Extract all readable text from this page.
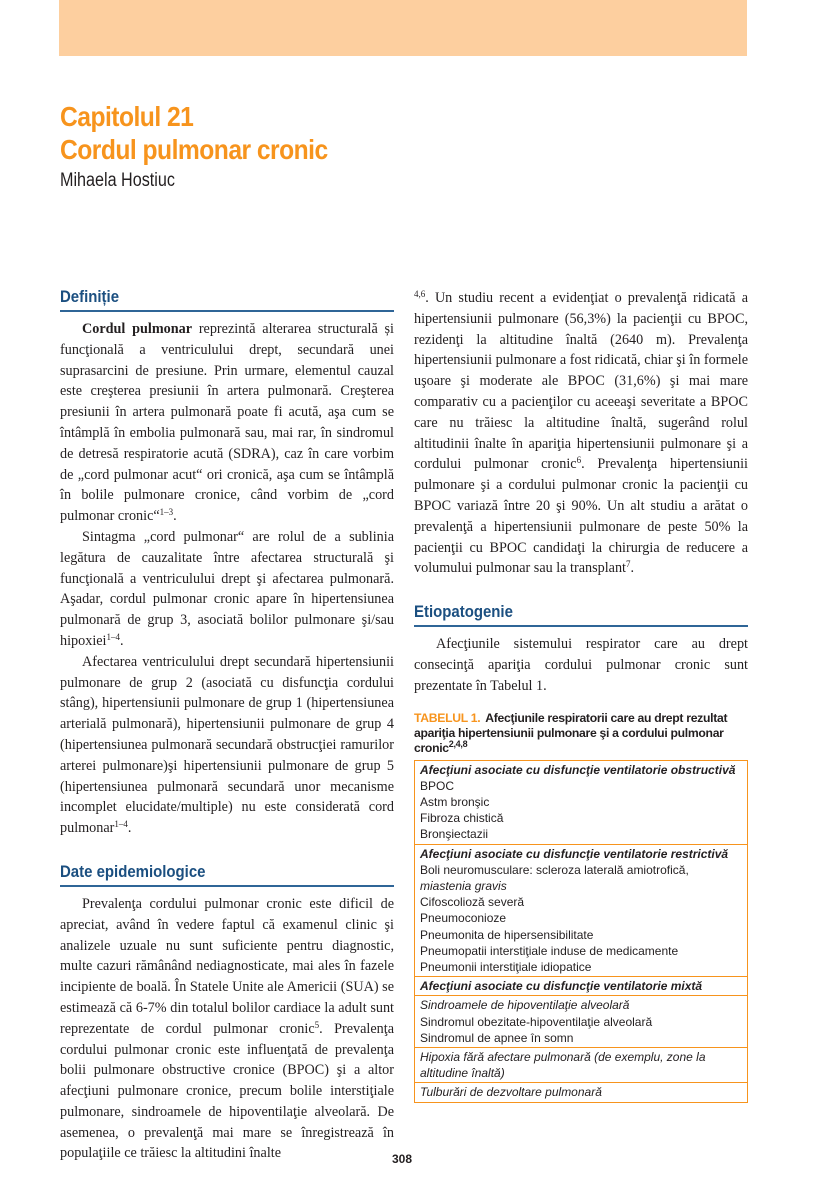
Capitolul 21
Cordul pulmonar cronic
Mihaela Hostiuc
Definiție

Cordul pulmonar reprezintă alterarea structurală și funcţională a ventriculului drept, secundară unei suprasarcini de presiune. Prin urmare, elementul cauzal este creşterea presiunii în artera pulmonară. Creşterea presiunii în artera pulmonară poate fi acută, aşa cum se întâmplă în embolia pulmonară sau, mai rar, în sindromul de detresă respiratorie acută (SDRA), caz în care vorbim de „cord pulmonar acut“ ori cronică, aşa cum se întâmplă în bolile pulmonare cronice, când vorbim de „cord pulmonar cronic“$^{1-3}$.

Sintagma „cord pulmonar“ are rolul de a sublinia legătura de cauzalitate între afectarea structurală şi funcţională a ventriculului drept şi afectarea pulmonară. Aşadar, cordul pulmonar cronic apare în hipertensiunea pulmonară de grup 3, asociată bolilor pulmonare şi/sau hipoxiei$^{1-4}$.

Afectarea ventriculului drept secundară hipertensiunii pulmonare de grup 2 (asociată cu disfuncţia cordului stâng), hipertensiunii pulmonare de grup 1 (hipertensiunea arterială pulmonară), hipertensiunii pulmonare de grup 4 (hipertensiunea pulmonară secundară obstrucţiei ramurilor arterei pulmonare)şi hipertensiunii pulmonare de grup 5 (hipertensiunea pulmonară secundară unor mecanisme incomplet elucidate/multiple) nu este considerată cord pulmonar$^{1-4}$.

Date epidemiologice

Prevalenţa cordului pulmonar cronic este dificil de apreciat, având în vedere faptul că examenul clinic şi analizele uzuale nu sunt suficiente pentru diagnostic, multe cazuri rămânând nediagnosticate, mai ales în fazele incipiente de boală. În Statele Unite ale Americii (SUA) se estimează că 6-7% din totalul bolilor cardiace la adult sunt reprezentate de cordul pulmonar cronic$^5$. Prevalenţa cordului pulmonar cronic este influenţată de prevalenţa bolii pulmonare obstructive cronice (BPOC) şi a altor afecţiuni pulmonare cronice, precum bolile interstiţiale pulmonare, sindroamele de hipoventilaţie alveolară. De asemenea, o prevalenţă mai mare se înregistrează în populaţiile ce trăiesc la altitudini înalte

$^{4,6}$. Un studiu recent a evidenţiat o prevalenţă ridicată a hipertensiunii pulmonare (56,3%) la pacienţii cu BPOC, rezidenţi la altitudine înaltă (2640 m). Prevalenţa hipertensiunii pulmonare a fost ridicată, chiar şi în formele uşoare şi moderate ale BPOC (31,6%) şi mai mare comparativ cu a pacienţilor cu aceeaşi severitate a BPOC care nu trăiesc la altitudine înaltă, sugerând rolul altitudinii înalte în apariţia hipertensiunii pulmonare şi a cordului pulmonar cronic$^6$. Prevalenţa hipertensiunii pulmonare şi a cordului pulmonar cronic la pacienţii cu BPOC variază între 20 şi 90%. Un alt studiu a arătat o prevalenţă a hipertensiunii pulmonare de peste 50% la pacienţii cu BPOC candidaţi la chirurgia de reducere a volumului pulmonar sau la transplant$^7$.

Etiopatogenie

Afecţiunile sistemului respirator care au drept consecinţă apariţia cordului pulmonar cronic sunt prezentate în Tabelul 1.

TABELUL 1. Afecţiunile respiratorii care au drept rezultat apariţia hipertensiunii pulmonare şi a cordului pulmonar cronic$^{2,4,8}$
Afecţiuni asociate cu disfuncţie ventilatorie obstructivă
BPOC
Astm bronşic
Fibroza chistică
Bronşiectazii
Afecţiuni asociate cu disfuncţie ventilatorie restrictivă
Boli neuromusculare: scleroza laterală amiotrofică,
miastenia gravis
Cifoscolioză severă
Pneumoconioze
Pneumonita de hipersensibilitate
Pneumopatii interstiţiale induse de medicamente
Pneumonii interstiţiale idiopatice
Afecţiuni asociate cu disfuncţie ventilatorie mixtă
Sindroamele de hipoventilaţie alveolară
Sindromul obezitate-hipoventilaţie alveolară
Sindromul de apnee în somn
Hipoxia fără afectare pulmonară (de exemplu, zone la altitudine înaltă)
Tulburări de dezvoltare pulmonară
308
